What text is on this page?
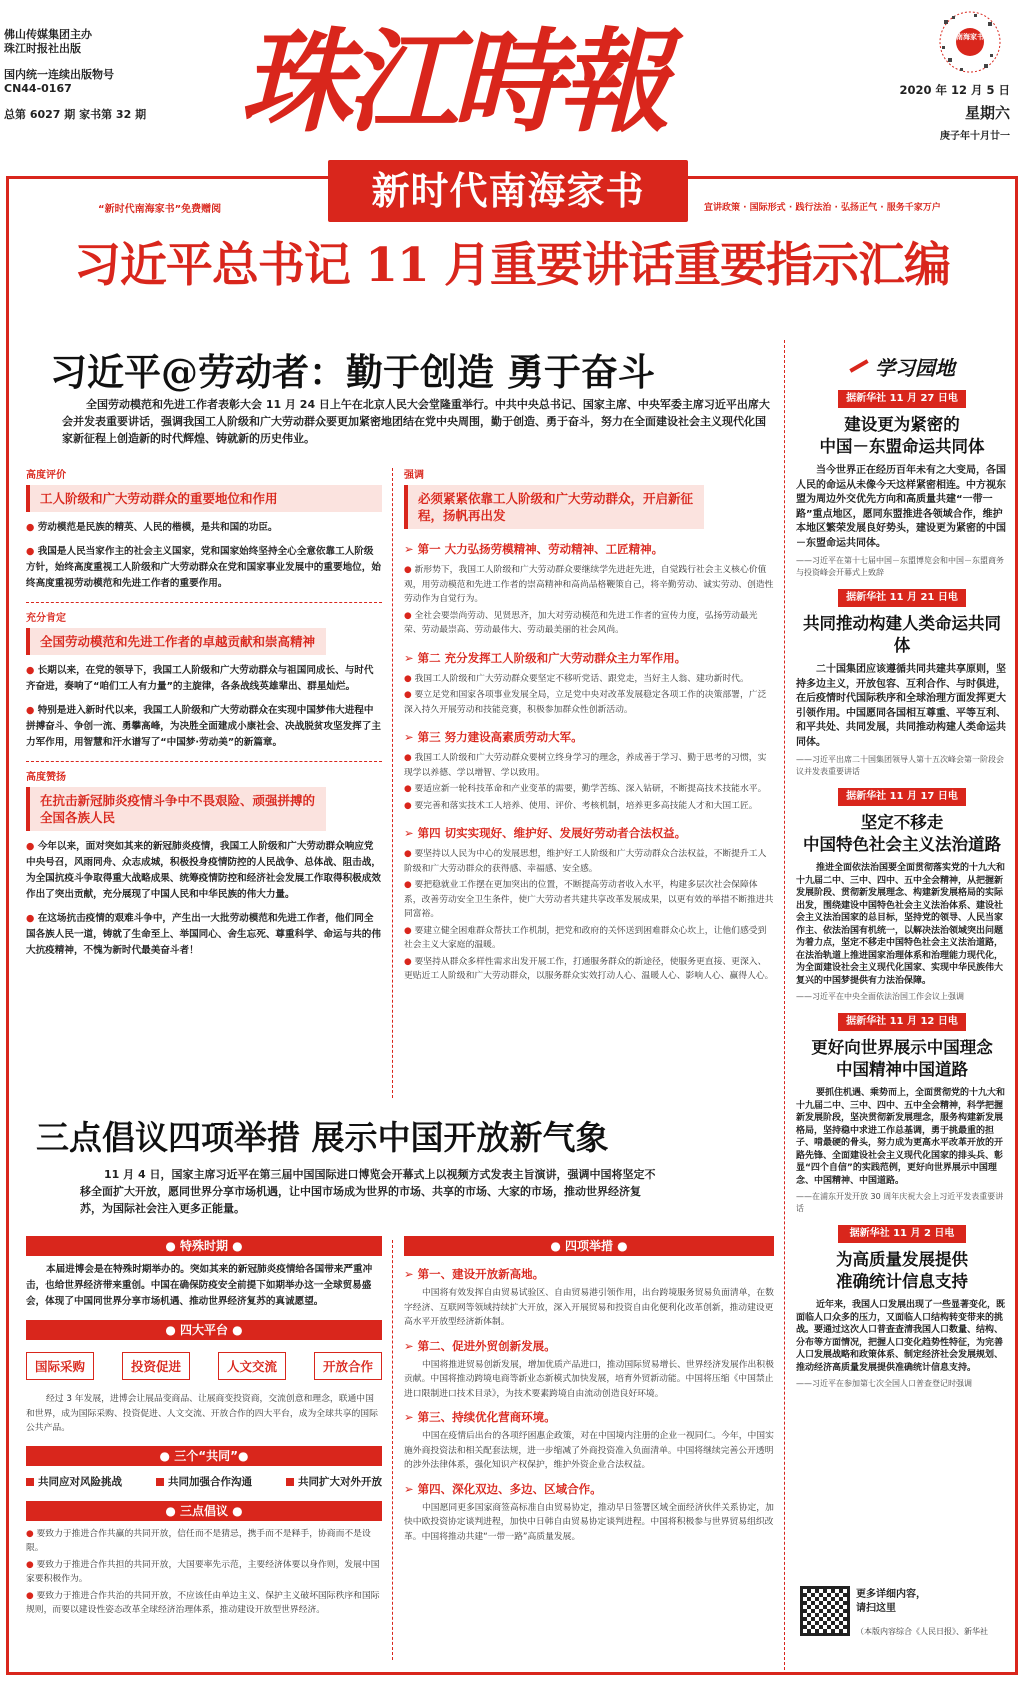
佛山传媒集团主办
珠江时报社出版
国内统一连续出版物号
CN44-0167
总第 6027 期 家书第 32 期 珠江時報	南海家书
2020 年 12 月 5 日
星期六
庚子年十月廿一
新时代南海家书
“新时代南海家书”免费赠阅	宣讲政策 · 国际形式 · 践行法治 · 弘扬正气 · 服务千家万户
习近平总书记 11 月重要讲话重要指示汇编
习近平@劳动者：勤于创造 勇于奋斗
全国劳动模范和先进工作者表彰大会 11 月 24 日上午在北京人民大会堂隆重举行。中共中央总书记、国家主席、中央军委主席习近平出席大会并发表重要讲话，强调我国工人阶级和广大劳动群众要更加紧密地团结在党中央周围，勤于创造、勇于奋斗，努力在全面建设社会主义现代化国家新征程上创造新的时代辉煌、铸就新的历史伟业。
高度评价
工人阶级和广大劳动群众的重要地位和作用
● 劳动模范是民族的精英、人民的楷模，是共和国的功臣。
● 我国是人民当家作主的社会主义国家，党和国家始终坚持全心全意依靠工人阶级方针，始终高度重视工人阶级和广大劳动群众在党和国家事业发展中的重要地位，始终高度重视劳动模范和先进工作者的重要作用。
充分肯定
全国劳动模范和先进工作者的卓越贡献和崇高精神
● 长期以来，在党的领导下，我国工人阶级和广大劳动群众与祖国同成长、与时代齐奋进，奏响了“咱们工人有力量”的主旋律，各条战线英雄辈出、群星灿烂。
● 特别是进入新时代以来，我国工人阶级和广大劳动群众在实现中国梦伟大进程中拼搏奋斗、争创一流、勇攀高峰，为决胜全面建成小康社会、决战脱贫攻坚发挥了主力军作用，用智慧和汗水谱写了“中国梦·劳动美”的新篇章。
高度赞扬
在抗击新冠肺炎疫情斗争中不畏艰险、顽强拼搏的全国各族人民
● 今年以来，面对突如其来的新冠肺炎疫情，我国工人阶级和广大劳动群众响应党中央号召，风雨同舟、众志成城，积极投身疫情防控的人民战争、总体战、阻击战，为全国抗疫斗争取得重大战略成果、统筹疫情防控和经济社会发展工作取得积极成效作出了突出贡献，充分展现了中国人民和中华民族的伟大力量。
● 在这场抗击疫情的艰难斗争中，产生出一大批劳动模范和先进工作者，他们同全国各族人民一道，铸就了生命至上、举国同心、舍生忘死、尊重科学、命运与共的伟大抗疫精神，不愧为新时代最美奋斗者！
强调
必须紧紧依靠工人阶级和广大劳动群众，开启新征程，扬帆再出发
➢ 第一 大力弘扬劳模精神、劳动精神、工匠精神。
● 新形势下，我国工人阶级和广大劳动群众要继续学先进赶先进，自觉践行社会主义核心价值观，用劳动模范和先进工作者的崇高精神和高尚品格鞭策自己，将辛勤劳动、诚实劳动、创造性劳动作为自觉行为。
● 全社会要崇尚劳动、见贤思齐，加大对劳动模范和先进工作者的宣传力度，弘扬劳动最光荣、劳动最崇高、劳动最伟大、劳动最美丽的社会风尚。
➢ 第二 充分发挥工人阶级和广大劳动群众主力军作用。
● 我国工人阶级和广大劳动群众要坚定不移听党话、跟党走，当好主人翁、建功新时代。
● 要立足党和国家各项事业发展全局，立足党中央对改革发展稳定各项工作的决策部署，广泛深入持久开展劳动和技能竞赛，积极参加群众性创新活动。
➢ 第三 努力建设高素质劳动大军。
● 我国工人阶级和广大劳动群众要树立终身学习的理念，养成善于学习、勤于思考的习惯，实现学以养德、学以增智、学以致用。
● 要适应新一轮科技革命和产业变革的需要，勤学苦练、深入钻研，不断提高技术技能水平。
● 要完善和落实技术工人培养、使用、评价、考核机制，培养更多高技能人才和大国工匠。
➢ 第四 切实实现好、维护好、发展好劳动者合法权益。
● 要坚持以人民为中心的发展思想，维护好工人阶级和广大劳动群众合法权益，不断提升工人阶级和广大劳动群众的获得感、幸福感、安全感。
● 要把稳就业工作摆在更加突出的位置，不断提高劳动者收入水平，构建多层次社会保障体系，改善劳动安全卫生条件，使广大劳动者共建共享改革发展成果，以更有效的举措不断推进共同富裕。
● 要建立健全困难群众帮扶工作机制，把党和政府的关怀送到困难群众心坎上，让他们感受到社会主义大家庭的温暖。
● 要坚持从群众多样性需求出发开展工作，打通服务群众的新途径，使服务更直接、更深入、更贴近工人阶级和广大劳动群众，以服务群众实效打动人心、温暖人心、影响人心、赢得人心。
三点倡议四项举措 展示中国开放新气象
11 月 4 日，国家主席习近平在第三届中国国际进口博览会开幕式上以视频方式发表主旨演讲，强调中国将坚定不移全面扩大开放，愿同世界分享市场机遇，让中国市场成为世界的市场、共享的市场、大家的市场，推动世界经济复苏，为国际社会注入更多正能量。
● 特殊时期 ●
本届进博会是在特殊时期举办的。突如其来的新冠肺炎疫情给各国带来严重冲击，也给世界经济带来重创。中国在确保防疫安全前提下如期举办这一全球贸易盛会，体现了中国同世界分享市场机遇、推动世界经济复苏的真诚愿望。
● 四大平台 ●
国际采购	投资促进	人文交流	开放合作
经过 3 年发展，进博会让展品变商品、让展商变投资商，交流创意和理念，联通中国和世界，成为国际采购、投资促进、人文交流、开放合作的四大平台，成为全球共享的国际公共产品。
● 三个“共同”●
共同应对风险挑战	共同加强合作沟通	共同扩大对外开放
● 三点倡议 ●
● 要致力于推进合作共赢的共同开放，信任而不是猜忌，携手而不是释手，协商而不是设限。
● 要致力于推进合作共担的共同开放，大国要率先示范，主要经济体要以身作则，发展中国家要积极作为。
● 要致力于推进合作共治的共同开放，不应该任由单边主义、保护主义破坏国际秩序和国际规则，而要以建设性姿态改革全球经济治理体系，推动建设开放型世界经济。
● 四项举措 ●
➢ 第一、建设开放新高地。
中国将有效发挥自由贸易试验区、自由贸易港引领作用，出台跨境服务贸易负面清单，在数字经济、互联网等领域持续扩大开放，深入开展贸易和投资自由化便利化改革创新，推动建设更高水平开放型经济新体制。
➢ 第二、促进外贸创新发展。
中国将推进贸易创新发展，增加优质产品进口，推动国际贸易增长、世界经济发展作出积极贡献。中国将推动跨境电商等新业态新模式加快发展，培育外贸新动能。中国将压缩《中国禁止进口限制进口技术目录》，为技术要素跨境自由流动创造良好环境。
➢ 第三、持续优化营商环境。
中国在疫情后出台的各项纾困惠企政策，对在中国境内注册的企业一视同仁。今年，中国实施外商投资法和相关配套法规，进一步缩减了外商投资准入负面清单。中国将继续完善公开透明的涉外法律体系，强化知识产权保护，维护外资企业合法权益。
➢ 第四、深化双边、多边、区域合作。
中国愿同更多国家商签高标准自由贸易协定，推动早日签署区域全面经济伙伴关系协定，加快中欧投资协定谈判进程，加快中日韩自由贸易协定谈判进程。中国将积极参与世界贸易组织改革。中国将推动共建“一带一路”高质量发展。
学习园地
据新华社 11 月 27 日电
建设更为紧密的
中国－东盟命运共同体
当今世界正在经历百年未有之大变局，各国人民的命运从未像今天这样紧密相连。中方视东盟为周边外交优先方向和高质量共建“一带一路”重点地区，愿同东盟推进各领域合作，维护本地区繁荣发展良好势头，建设更为紧密的中国－东盟命运共同体。
——习近平在第十七届中国－东盟博览会和中国－东盟商务与投资峰会开幕式上致辞
据新华社 11 月 21 日电
共同推动构建人类命运共同体
二十国集团应该遵循共同共建共享原则，坚持多边主义，开放包容、互利合作、与时俱进，在后疫情时代国际秩序和全球治理方面发挥更大引领作用。中国愿同各国相互尊重、平等互利、和平共处、共同发展，共同推动构建人类命运共同体。
——习近平出席二十国集团领导人第十五次峰会第一阶段会议并发表重要讲话
据新华社 11 月 17 日电
坚定不移走
中国特色社会主义法治道路
推进全面依法治国要全面贯彻落实党的十九大和十九届二中、三中、四中、五中全会精神，从把握新发展阶段、贯彻新发展理念、构建新发展格局的实际出发，围绕建设中国特色社会主义法治体系、建设社会主义法治国家的总目标，坚持党的领导、人民当家作主、依法治国有机统一，以解决法治领域突出问题为着力点，坚定不移走中国特色社会主义法治道路，在法治轨道上推进国家治理体系和治理能力现代化，为全面建设社会主义现代化国家、实现中华民族伟大复兴的中国梦提供有力法治保障。
——习近平在中央全面依法治国工作会议上强调
据新华社 11 月 12 日电
更好向世界展示中国理念
中国精神中国道路
要抓住机遇、乘势而上，全面贯彻党的十九大和十九届二中、三中、四中、五中全会精神，科学把握新发展阶段，坚决贯彻新发展理念，服务构建新发展格局，坚持稳中求进工作总基调，勇于挑最重的担子、啃最硬的骨头，努力成为更高水平改革开放的开路先锋、全面建设社会主义现代化国家的排头兵、彰显“四个自信”的实践范例，更好向世界展示中国理念、中国精神、中国道路。
——在浦东开发开放 30 周年庆祝大会上习近平发表重要讲话
据新华社 11 月 2 日电
为高质量发展提供
准确统计信息支持
近年来，我国人口发展出现了一些显著变化，既面临人口众多的压力，又面临人口结构转变带来的挑战。要通过这次人口普查查清我国人口数量、结构、分布等方面情况，把握人口变化趋势性特征，为完善人口发展战略和政策体系、制定经济社会发展规划、推动经济高质量发展提供准确统计信息支持。
——习近平在参加第七次全国人口普查登记时强调
更多详细内容，
请扫这里
（本版内容综合《人民日报》、新华社
